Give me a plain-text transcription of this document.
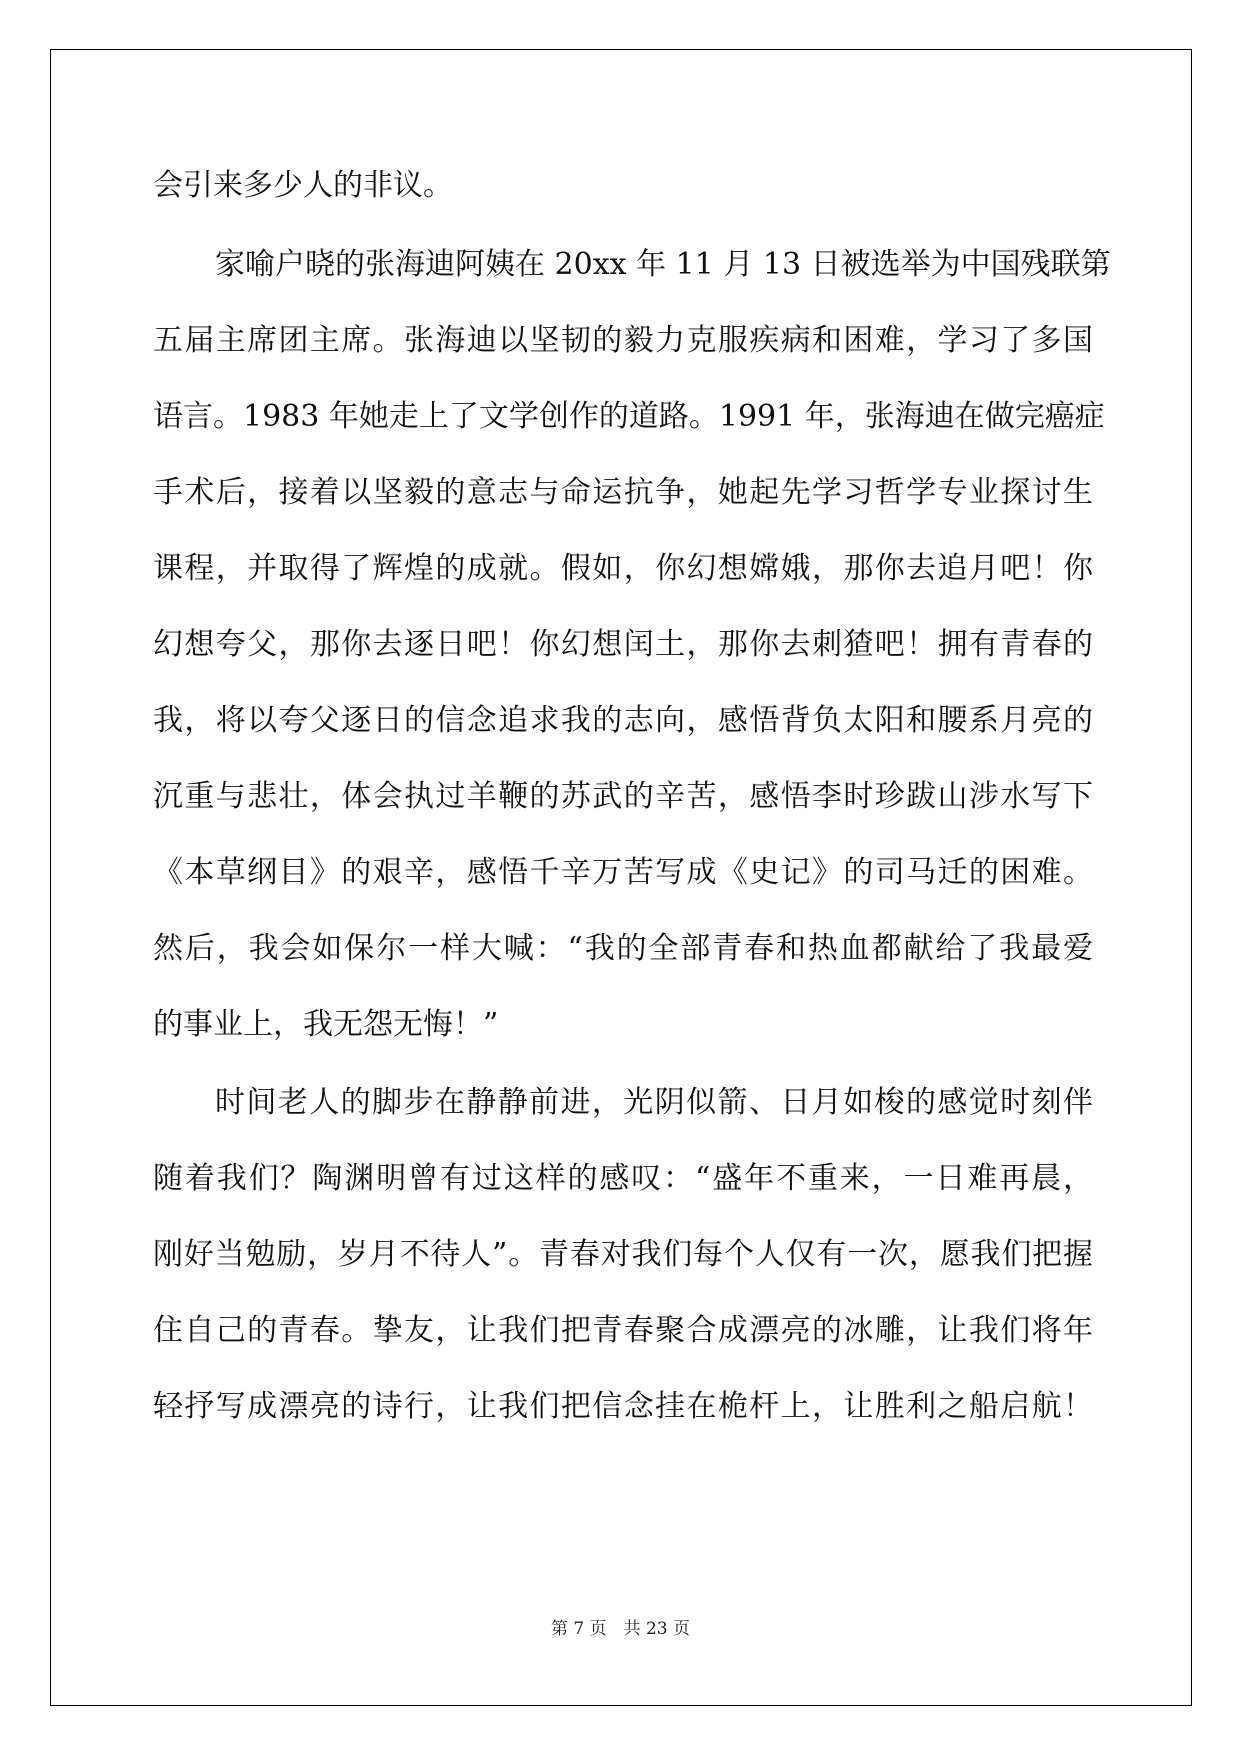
会引来多少人的非议。
家喻户晓的张海迪阿姨在 20xx 年 11 月 13 日被选举为中国残联第
五届主席团主席。张海迪以坚韧的毅力克服疾病和困难，学习了多国
语言。1983 年她走上了文学创作的道路。1991 年，张海迪在做完癌症
手术后，接着以坚毅的意志与命运抗争，她起先学习哲学专业探讨生
课程，并取得了辉煌的成就。假如，你幻想嫦娥，那你去追月吧！你
幻想夸父，那你去逐日吧！你幻想闰土，那你去刺猹吧！拥有青春的
我，将以夸父逐日的信念追求我的志向，感悟背负太阳和腰系月亮的
沉重与悲壮，体会执过羊鞭的苏武的辛苦，感悟李时珍跋山涉水写下
《本草纲目》的艰辛，感悟千辛万苦写成《史记》的司马迁的困难。
然后，我会如保尔一样大喊：“我的全部青春和热血都献给了我最爱
的事业上，我无怨无悔！”
时间老人的脚步在静静前进，光阴似箭、日月如梭的感觉时刻伴
随着我们？陶渊明曾有过这样的感叹：“盛年不重来，一日难再晨，
刚好当勉励，岁月不待人”。青春对我们每个人仅有一次，愿我们把握
住自己的青春。挚友，让我们把青春聚合成漂亮的冰雕，让我们将年
轻抒写成漂亮的诗行，让我们把信念挂在桅杆上，让胜利之船启航！
第 7 页　共 23 页
